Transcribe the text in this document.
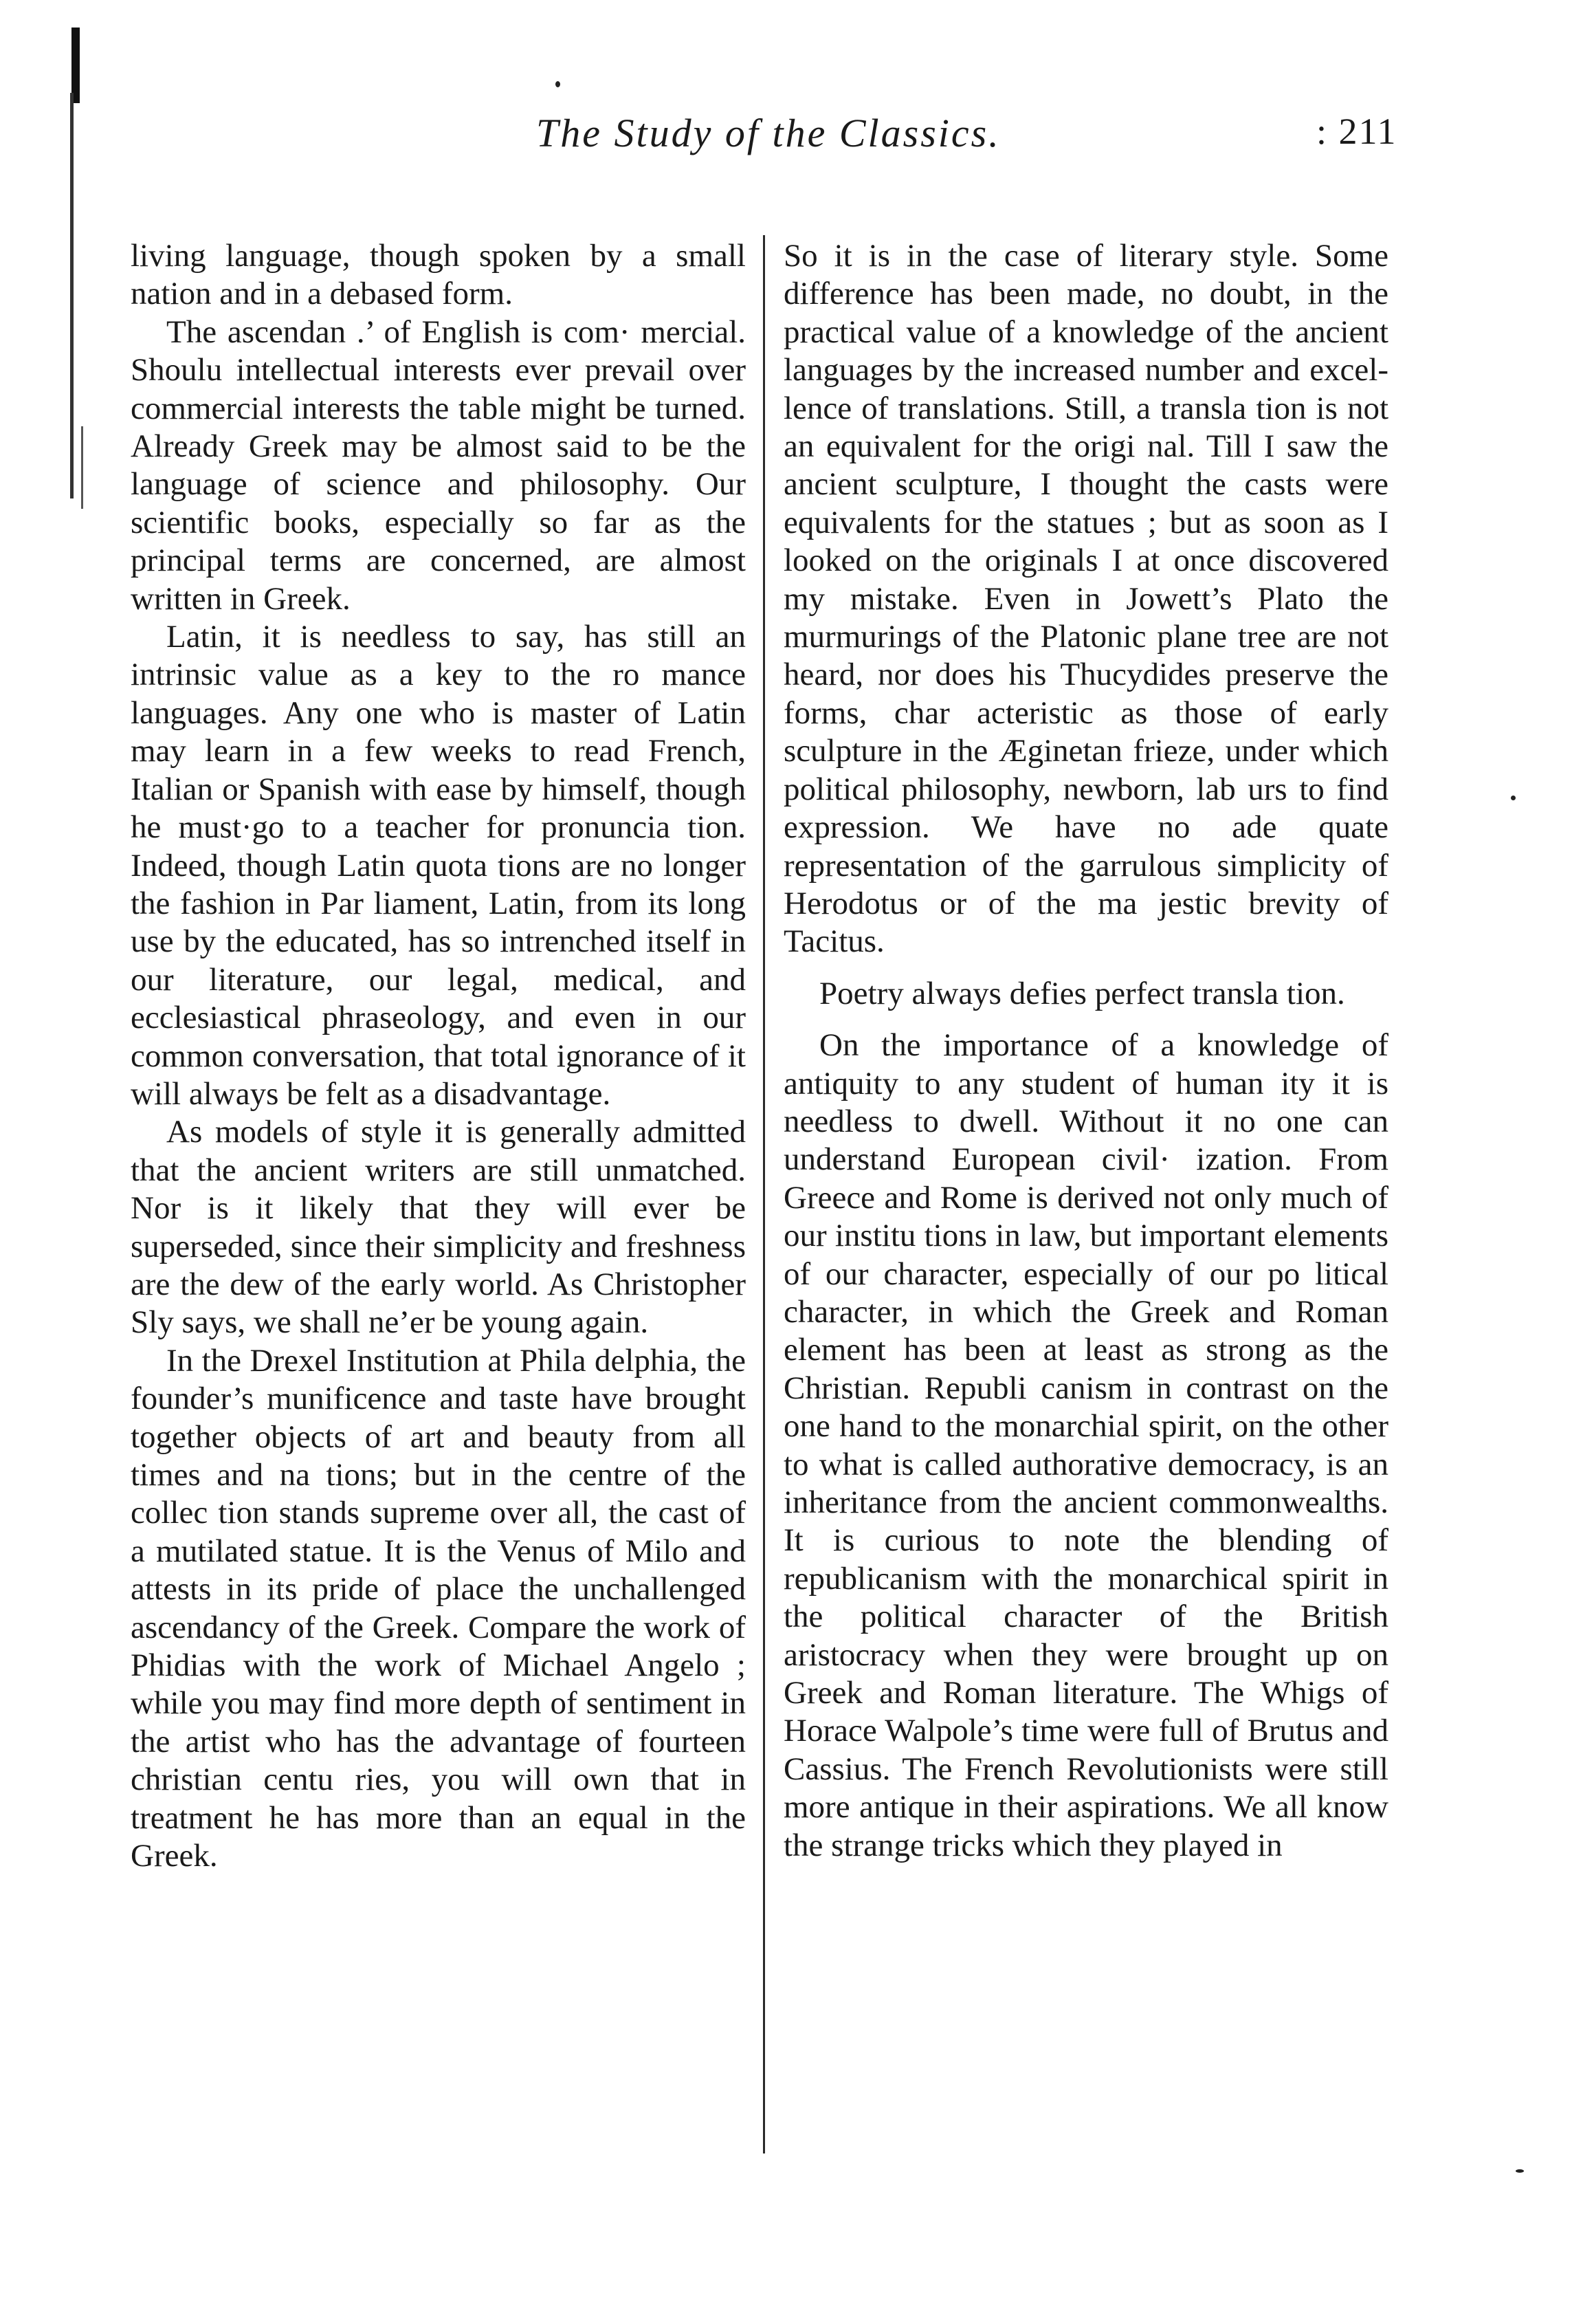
The Study of the Classics.	: 211

living language, though spoken by a small nation and in a debased form.

The ascendan .’ of English is com· mercial. Shoulu intellectual interests ever prevail over commercial interests the table might be turned. Already Greek may be almost said to be the language of science and philosophy. Our scientific books, especially so far as the principal terms are concerned, are almost written in Greek.

Latin, it is needless to say, has still an intrinsic value as a key to the ro mance languages. Any one who is master of Latin may learn in a few weeks to read French, Italian or Spanish with ease by himself, though he must·go to a teacher for pronuncia tion. Indeed, though Latin quota tions are no longer the fashion in Par liament, Latin, from its long use by the educated, has so intrenched itself in our literature, our legal, medical, and ecclesiastical phraseology, and even in our common conversation, that total ignorance of it will always be felt as a disadvantage.

As models of style it is generally admitted that the ancient writers are still unmatched. Nor is it likely that they will ever be superseded, since their simplicity and freshness are the dew of the early world. As Christopher Sly says, we shall ne’er be young again.

In the Drexel Institution at Phila delphia, the founder’s munificence and taste have brought together objects of art and beauty from all times and na tions; but in the centre of the collec tion stands supreme over all, the cast of a mutilated statue. It is the Venus of Milo and attests in its pride of place the unchallenged ascendancy of the Greek. Compare the work of Phidias with the work of Michael Angelo ; while you may find more depth of sentiment in the artist who has the advantage of fourteen christian centu ries, you will own that in treatment he has more than an equal in the Greek.

So it is in the case of literary style. Some difference has been made, no doubt, in the practical value of a knowledge of the ancient languages by the increased number and excel lence of translations. Still, a transla tion is not an equivalent for the origi nal. Till I saw the ancient sculpture, I thought the casts were equivalents for the statues ; but as soon as I looked on the originals I at once discovered my mistake. Even in Jowett’s Plato the murmurings of the Platonic plane tree are not heard, nor does his Thucydides preserve the forms, char acteristic as those of early sculpture in the Æginetan frieze, under which political philosophy, newborn, lab urs to find expression. We have no ade quate representation of the garrulous simplicity of Herodotus or of the ma jestic brevity of Tacitus.

Poetry always defies perfect transla tion.

On the importance of a knowledge of antiquity to any student of human ity it is needless to dwell. Without it no one can understand European civil· ization. From Greece and Rome is derived not only much of our institu tions in law, but important elements of our character, especially of our po litical character, in which the Greek and Roman element has been at least as strong as the Christian. Republi canism in contrast on the one hand to the monarchial spirit, on the other to what is called authorative democracy, is an inheritance from the ancient commonwealths. It is curious to note the blending of republicanism with the monarchical spirit in the political character of the British aristocracy when they were brought up on Greek and Roman literature. The Whigs of Horace Walpole’s time were full of Brutus and Cassius. The French Revolutionists were still more antique in their aspirations. We all know the strange tricks which they played in
